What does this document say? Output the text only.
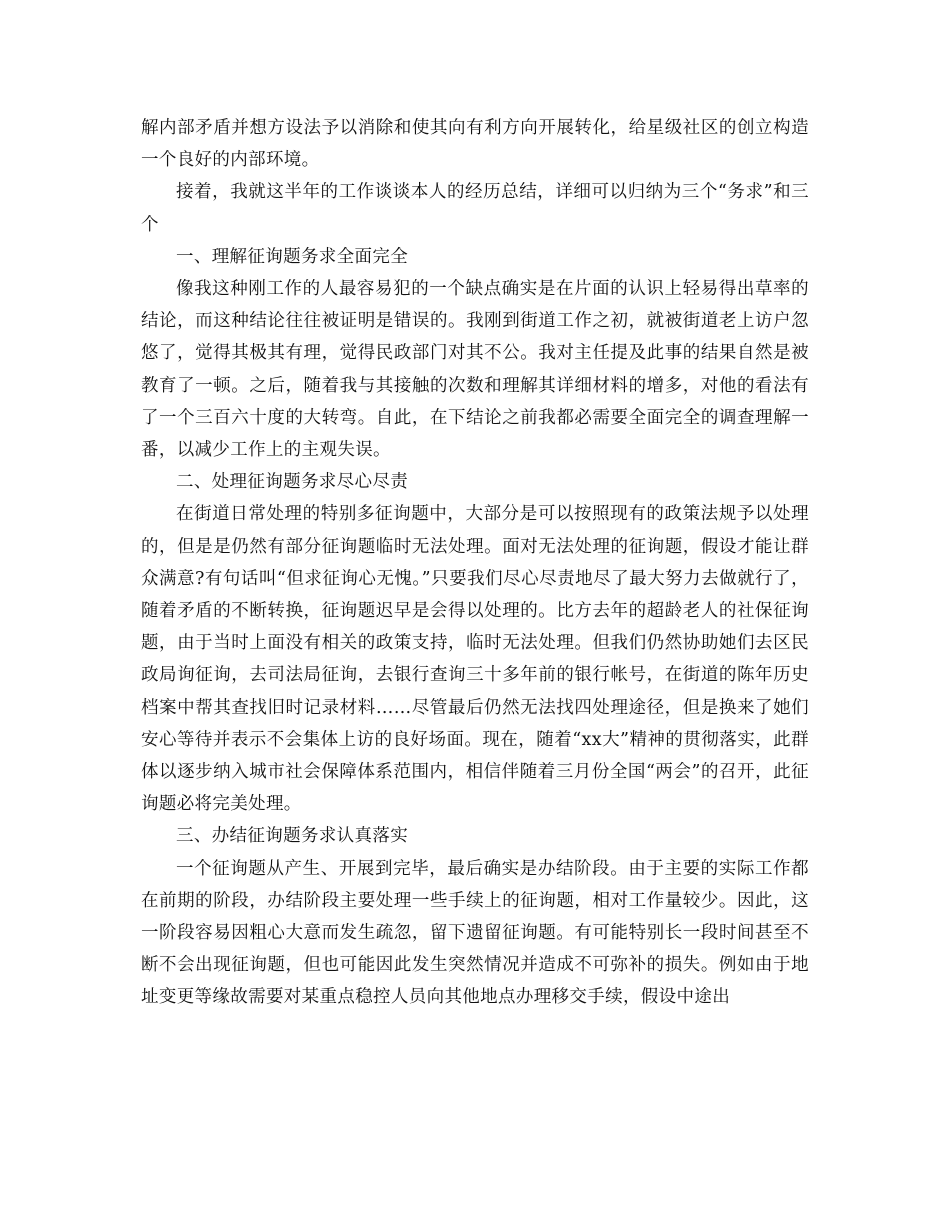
解内部矛盾并想方设法予以消除和使其向有利方向开展转化，给星级社区的创立构造一个良好的内部环境。

接着，我就这半年的工作谈谈本人的经历总结，详细可以归纳为三个“务求”和三个

一、理解征询题务求全面完全

像我这种刚工作的人最容易犯的一个缺点确实是在片面的认识上轻易得出草率的结论，而这种结论往往被证明是错误的。我刚到街道工作之初，就被街道老上访户忽悠了，觉得其极其有理，觉得民政部门对其不公。我对主任提及此事的结果自然是被教育了一顿。之后，随着我与其接触的次数和理解其详细材料的增多，对他的看法有了一个三百六十度的大转弯。自此，在下结论之前我都必需要全面完全的调查理解一番，以减少工作上的主观失误。

二、处理征询题务求尽心尽责

在街道日常处理的特别多征询题中，大部分是可以按照现有的政策法规予以处理的，但是是仍然有部分征询题临时无法处理。面对无法处理的征询题，假设才能让群众满意?有句话叫“但求征询心无愧。”只要我们尽心尽责地尽了最大努力去做就行了，随着矛盾的不断转换，征询题迟早是会得以处理的。比方去年的超龄老人的社保征询题，由于当时上面没有相关的政策支持，临时无法处理。但我们仍然协助她们去区民政局询征询，去司法局征询，去银行查询三十多年前的银行帐号，在街道的陈年历史档案中帮其查找旧时记录材料……尽管最后仍然无法找四处理途径，但是换来了她们安心等待并表示不会集体上访的良好场面。现在，随着“xx大”精神的贯彻落实，此群体以逐步纳入城市社会保障体系范围内，相信伴随着三月份全国“两会”的召开，此征询题必将完美处理。

三、办结征询题务求认真落实

一个征询题从产生、开展到完毕，最后确实是办结阶段。由于主要的实际工作都在前期的阶段，办结阶段主要处理一些手续上的征询题，相对工作量较少。因此，这一阶段容易因粗心大意而发生疏忽，留下遗留征询题。有可能特别长一段时间甚至不断不会出现征询题，但也可能因此发生突然情况并造成不可弥补的损失。例如由于地址变更等缘故需要对某重点稳控人员向其他地点办理移交手续，假设中途出
